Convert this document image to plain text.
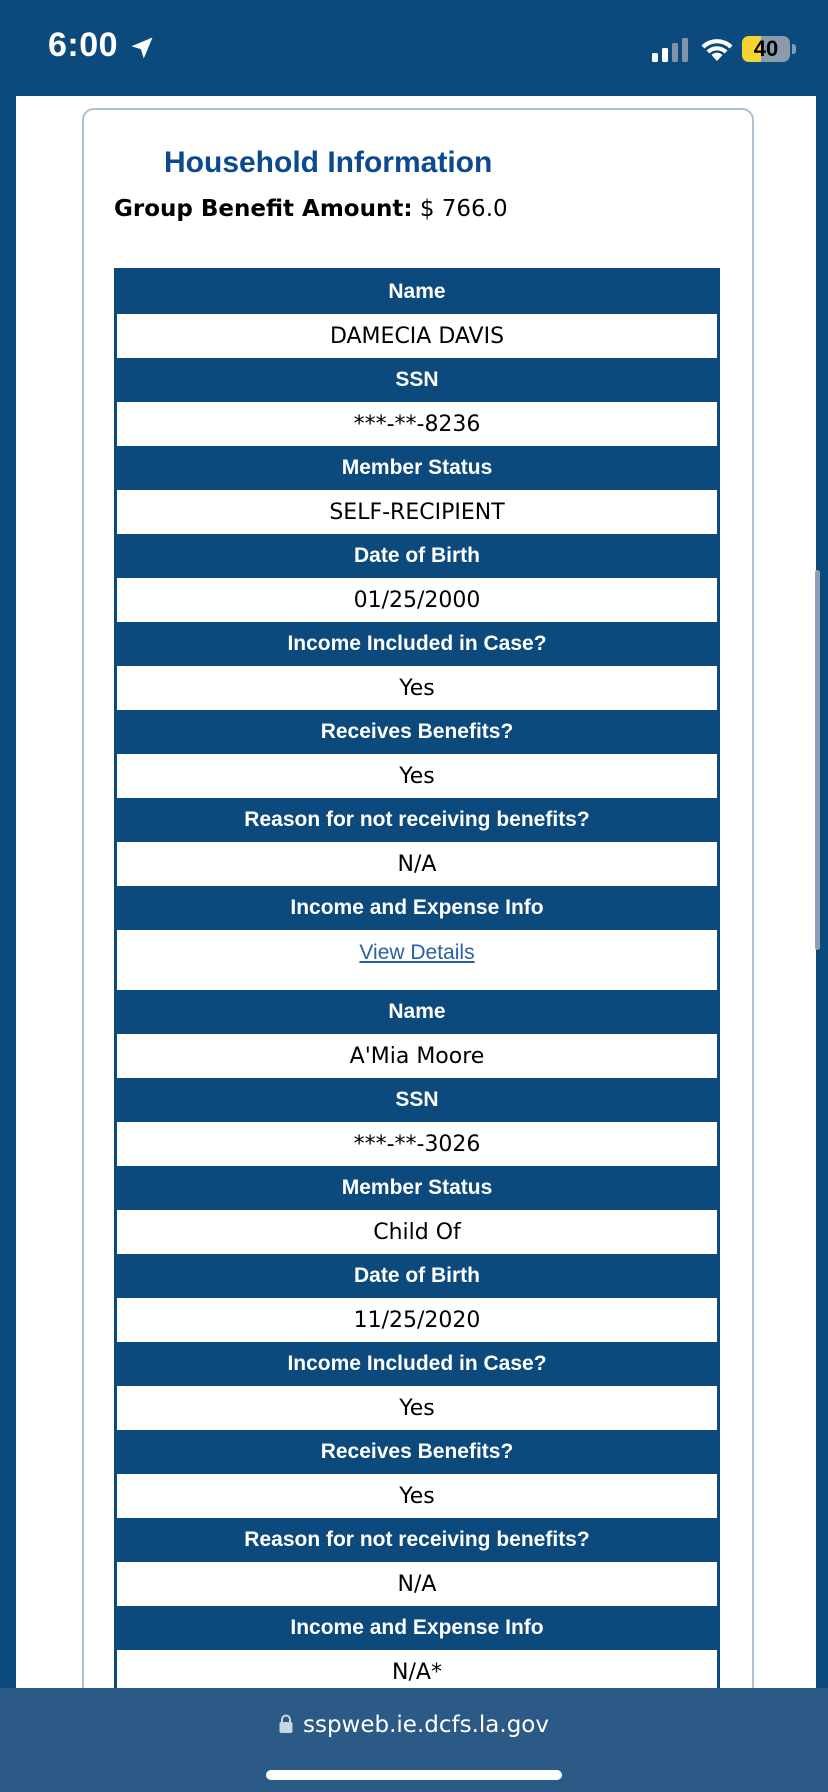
6:00	40
Household Information
Group Benefit Amount: $ 766.0
Name
DAMECIA DAVIS
SSN
***-**-8236
Member Status
SELF-RECIPIENT
Date of Birth
01/25/2000
Income Included in Case?
Yes
Receives Benefits?
Yes
Reason for not receiving benefits?
N/A
Income and Expense Info
View Details
Name
A'Mia Moore
SSN
***-**-3026
Member Status
Child Of
Date of Birth
11/25/2020
Income Included in Case?
Yes
Receives Benefits?
Yes
Reason for not receiving benefits?
N/A
Income and Expense Info
N/A*
sspweb.ie.dcfs.la.gov
